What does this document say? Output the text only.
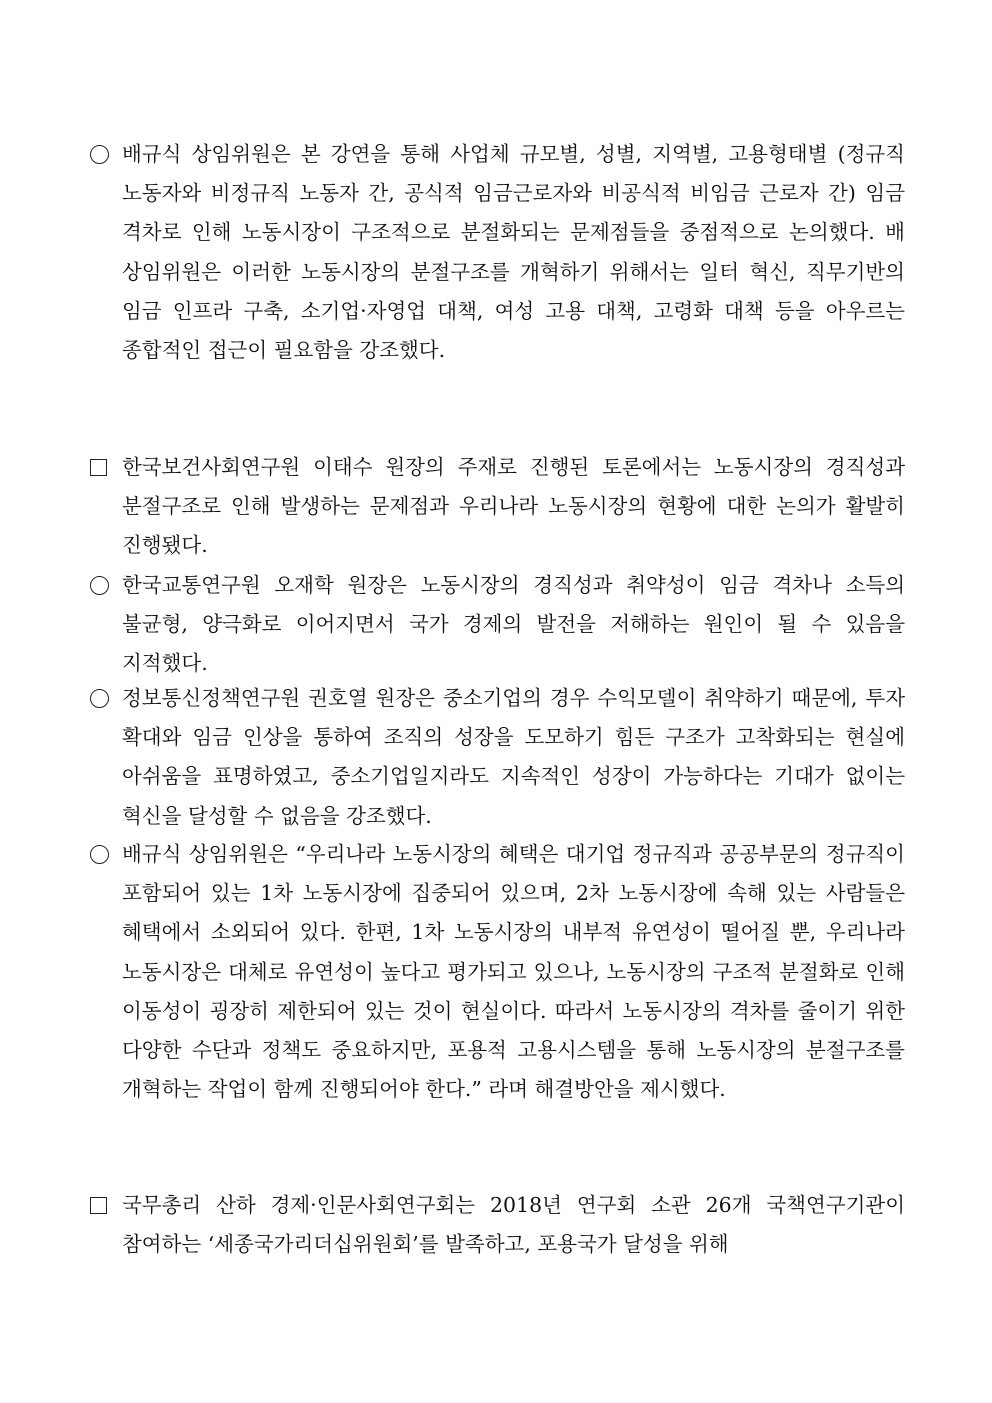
배규식 상임위원은 본 강연을 통해 사업체 규모별, 성별, 지역별, 고용형태별 (정규직 노동자와 비정규직 노동자 간, 공식적 임금근로자와 비공식적 비임금 근로자 간) 임금 격차로 인해 노동시장이 구조적으로 분절화되는 문제점들을 중점적으로 논의했다. 배 상임위원은 이러한 노동시장의 분절구조를 개혁하기 위해서는 일터 혁신, 직무기반의 임금 인프라 구축, 소기업·자영업 대책, 여성 고용 대책, 고령화 대책 등을 아우르는 종합적인 접근이 필요함을 강조했다.
한국보건사회연구원 이태수 원장의 주재로 진행된 토론에서는 노동시장의 경직성과 분절구조로 인해 발생하는 문제점과 우리나라 노동시장의 현황에 대한 논의가 활발히 진행됐다.
한국교통연구원 오재학 원장은 노동시장의 경직성과 취약성이 임금 격차나 소득의 불균형, 양극화로 이어지면서 국가 경제의 발전을 저해하는 원인이 될 수 있음을 지적했다.
정보통신정책연구원 권호열 원장은 중소기업의 경우 수익모델이 취약하기 때문에, 투자 확대와 임금 인상을 통하여 조직의 성장을 도모하기 힘든 구조가 고착화되는 현실에 아쉬움을 표명하였고, 중소기업일지라도 지속적인 성장이 가능하다는 기대가 없이는 혁신을 달성할 수 없음을 강조했다.
배규식 상임위원은 “우리나라 노동시장의 혜택은 대기업 정규직과 공공부문의 정규직이 포함되어 있는 1차 노동시장에 집중되어 있으며, 2차 노동시장에 속해 있는 사람들은 혜택에서 소외되어 있다. 한편, 1차 노동시장의 내부적 유연성이 떨어질 뿐, 우리나라 노동시장은 대체로 유연성이 높다고 평가되고 있으나, 노동시장의 구조적 분절화로 인해 이동성이 굉장히 제한되어 있는 것이 현실이다. 따라서 노동시장의 격차를 줄이기 위한 다양한 수단과 정책도 중요하지만, 포용적 고용시스템을 통해 노동시장의 분절구조를 개혁하는 작업이 함께 진행되어야 한다.” 라며 해결방안을 제시했다.
국무총리 산하 경제·인문사회연구회는 2018년 연구회 소관 26개 국책연구기관이 참여하는 ‘세종국가리더십위원회’를 발족하고, 포용국가 달성을 위해
